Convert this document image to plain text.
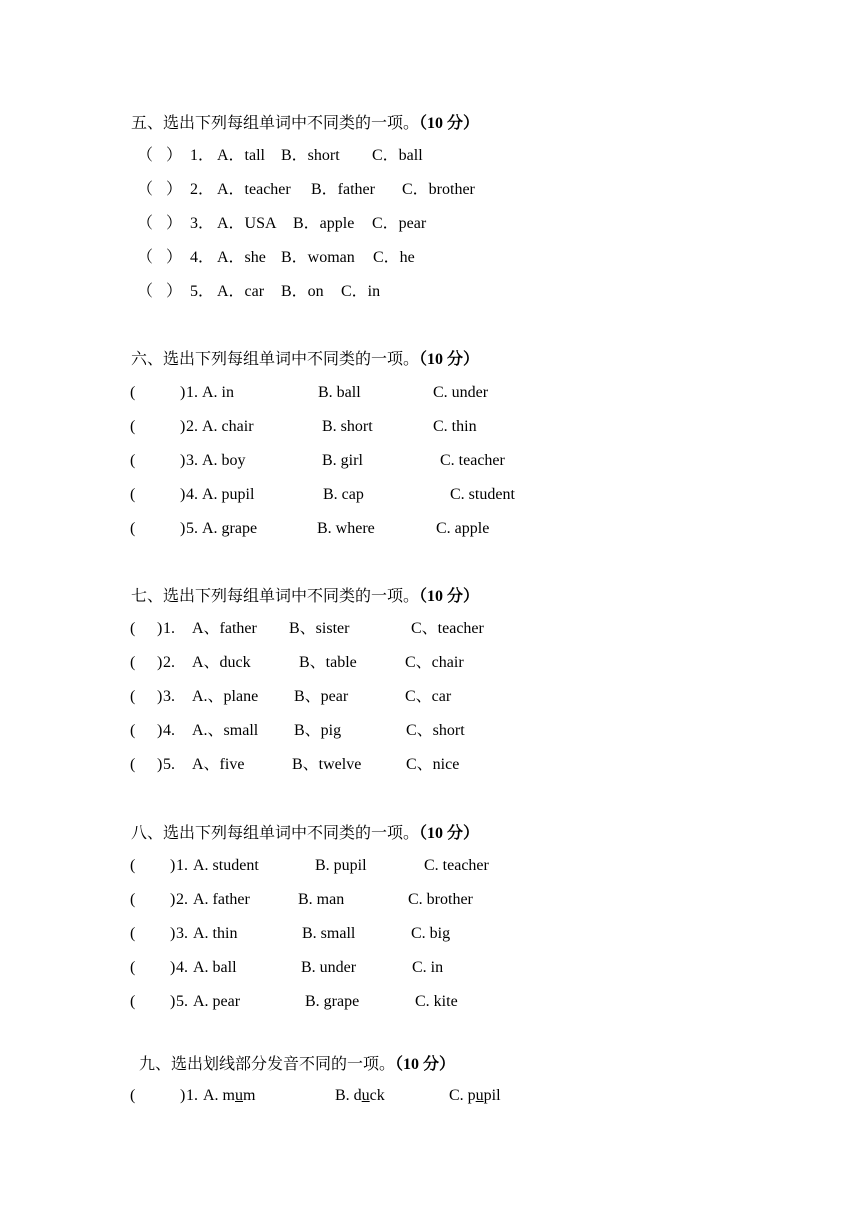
五、选出下列每组单词中不同类的一项。（10 分）
（ ） 1． A．tall B．short C．ball
（ ） 2． A．teacher B．father C．brother
（ ） 3． A．USA B．apple C．pear
（ ） 4． A．she B．woman C．he
（ ） 5． A．car B．on C．in
六、选出下列每组单词中不同类的一项。（10 分）
(	) 1. A. in	B. ball	C. under
(	) 2. A. chair	B. short	C. thin
(	) 3. A. boy	B. girl	C. teacher
(	) 4. A. pupil	B. cap	C. student
(	) 5. A. grape	B. where	C. apple
七、选出下列每组单词中不同类的一项。（10 分）
( ) 1. A、father B、sister	C、teacher
( ) 2. A、duck	B、table	C、chair
( ) 3. A.、plane B、pear	C、car
( ) 4. A.、small B、pig	C、short
( ) 5. A、five	B、twelve	C、nice
八、选出下列每组单词中不同类的一项。（10 分）
( ) 1. A. student	B. pupil	C. teacher
( ) 2. A. father	B. man	C. brother
( ) 3. A. thin	B. small	C. big
( ) 4. A. ball	B. under	C. in
( ) 5. A. pear	B. grape	C. kite
九、选出划线部分发音不同的一项。（10 分）
(	) 1. A. mum	B. duck	C. pupil
